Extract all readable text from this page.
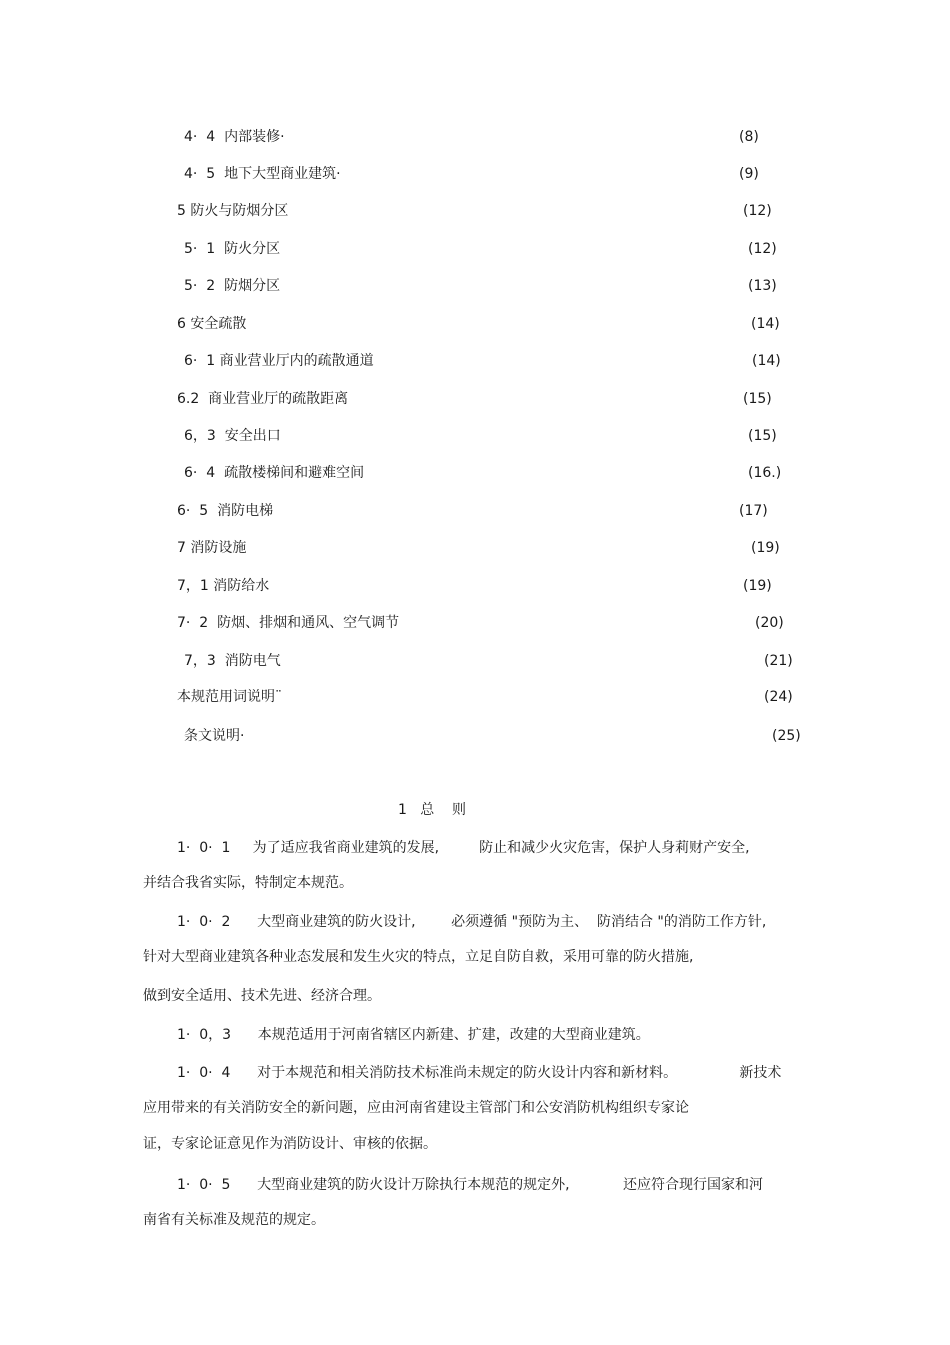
4·  4  内部装修·	(8)
4·  5  地下大型商业建筑·	(9)
5 防火与防烟分区	(12)
5·  1  防火分区	(12)
5·  2  防烟分区	(13)
6 安全疏散	(14)
6·  1 商业营业厅内的疏散通道	(14)
6.2  商业营业厅的疏散距离	(15)
6，3  安全出口	(15)
6·  4  疏散楼梯间和避难空间	(16.)
6·  5  消防电梯	(17)
7 消防设施	(19)
7，1 消防给水	(19)
7·  2  防烟、排烟和通风、空气调节	(20)
7，3  消防电气	(21)
本规范用词说明¨	(24)
条文说明·	(25)
1   总    则
1·  0·  1     为了适应我省商业建筑的发展,         防止和减少火灾危害，保护人身莉财产安全,
并结合我省实际，特制定本规范。
1·  0·  2      大型商业建筑的防火设计,        必须遵循 "预防为主、  防消结合 "的消防工作方针,
针对大型商业建筑各种业态发展和发生火灾的特点，立足自防自救，采用可靠的防火措施,
做到安全适用、技术先进、经济合理。
1·  0，3      本规范适用于河南省辖区内新建、扩建，改建的大型商业建筑。
1·  0·  4      对于本规范和相关消防技术标准尚未规定的防火设计内容和新材料。              新技术
应用带来的有关消防安全的新问题，应由河南省建设主管部门和公安消防机构组织专家论
证，专家论证意见作为消防设计、审核的依据。
1·  0·  5      大型商业建筑的防火设计万除执行本规范的规定外,            还应符合现行国家和河
南省有关标准及规范的规定。
